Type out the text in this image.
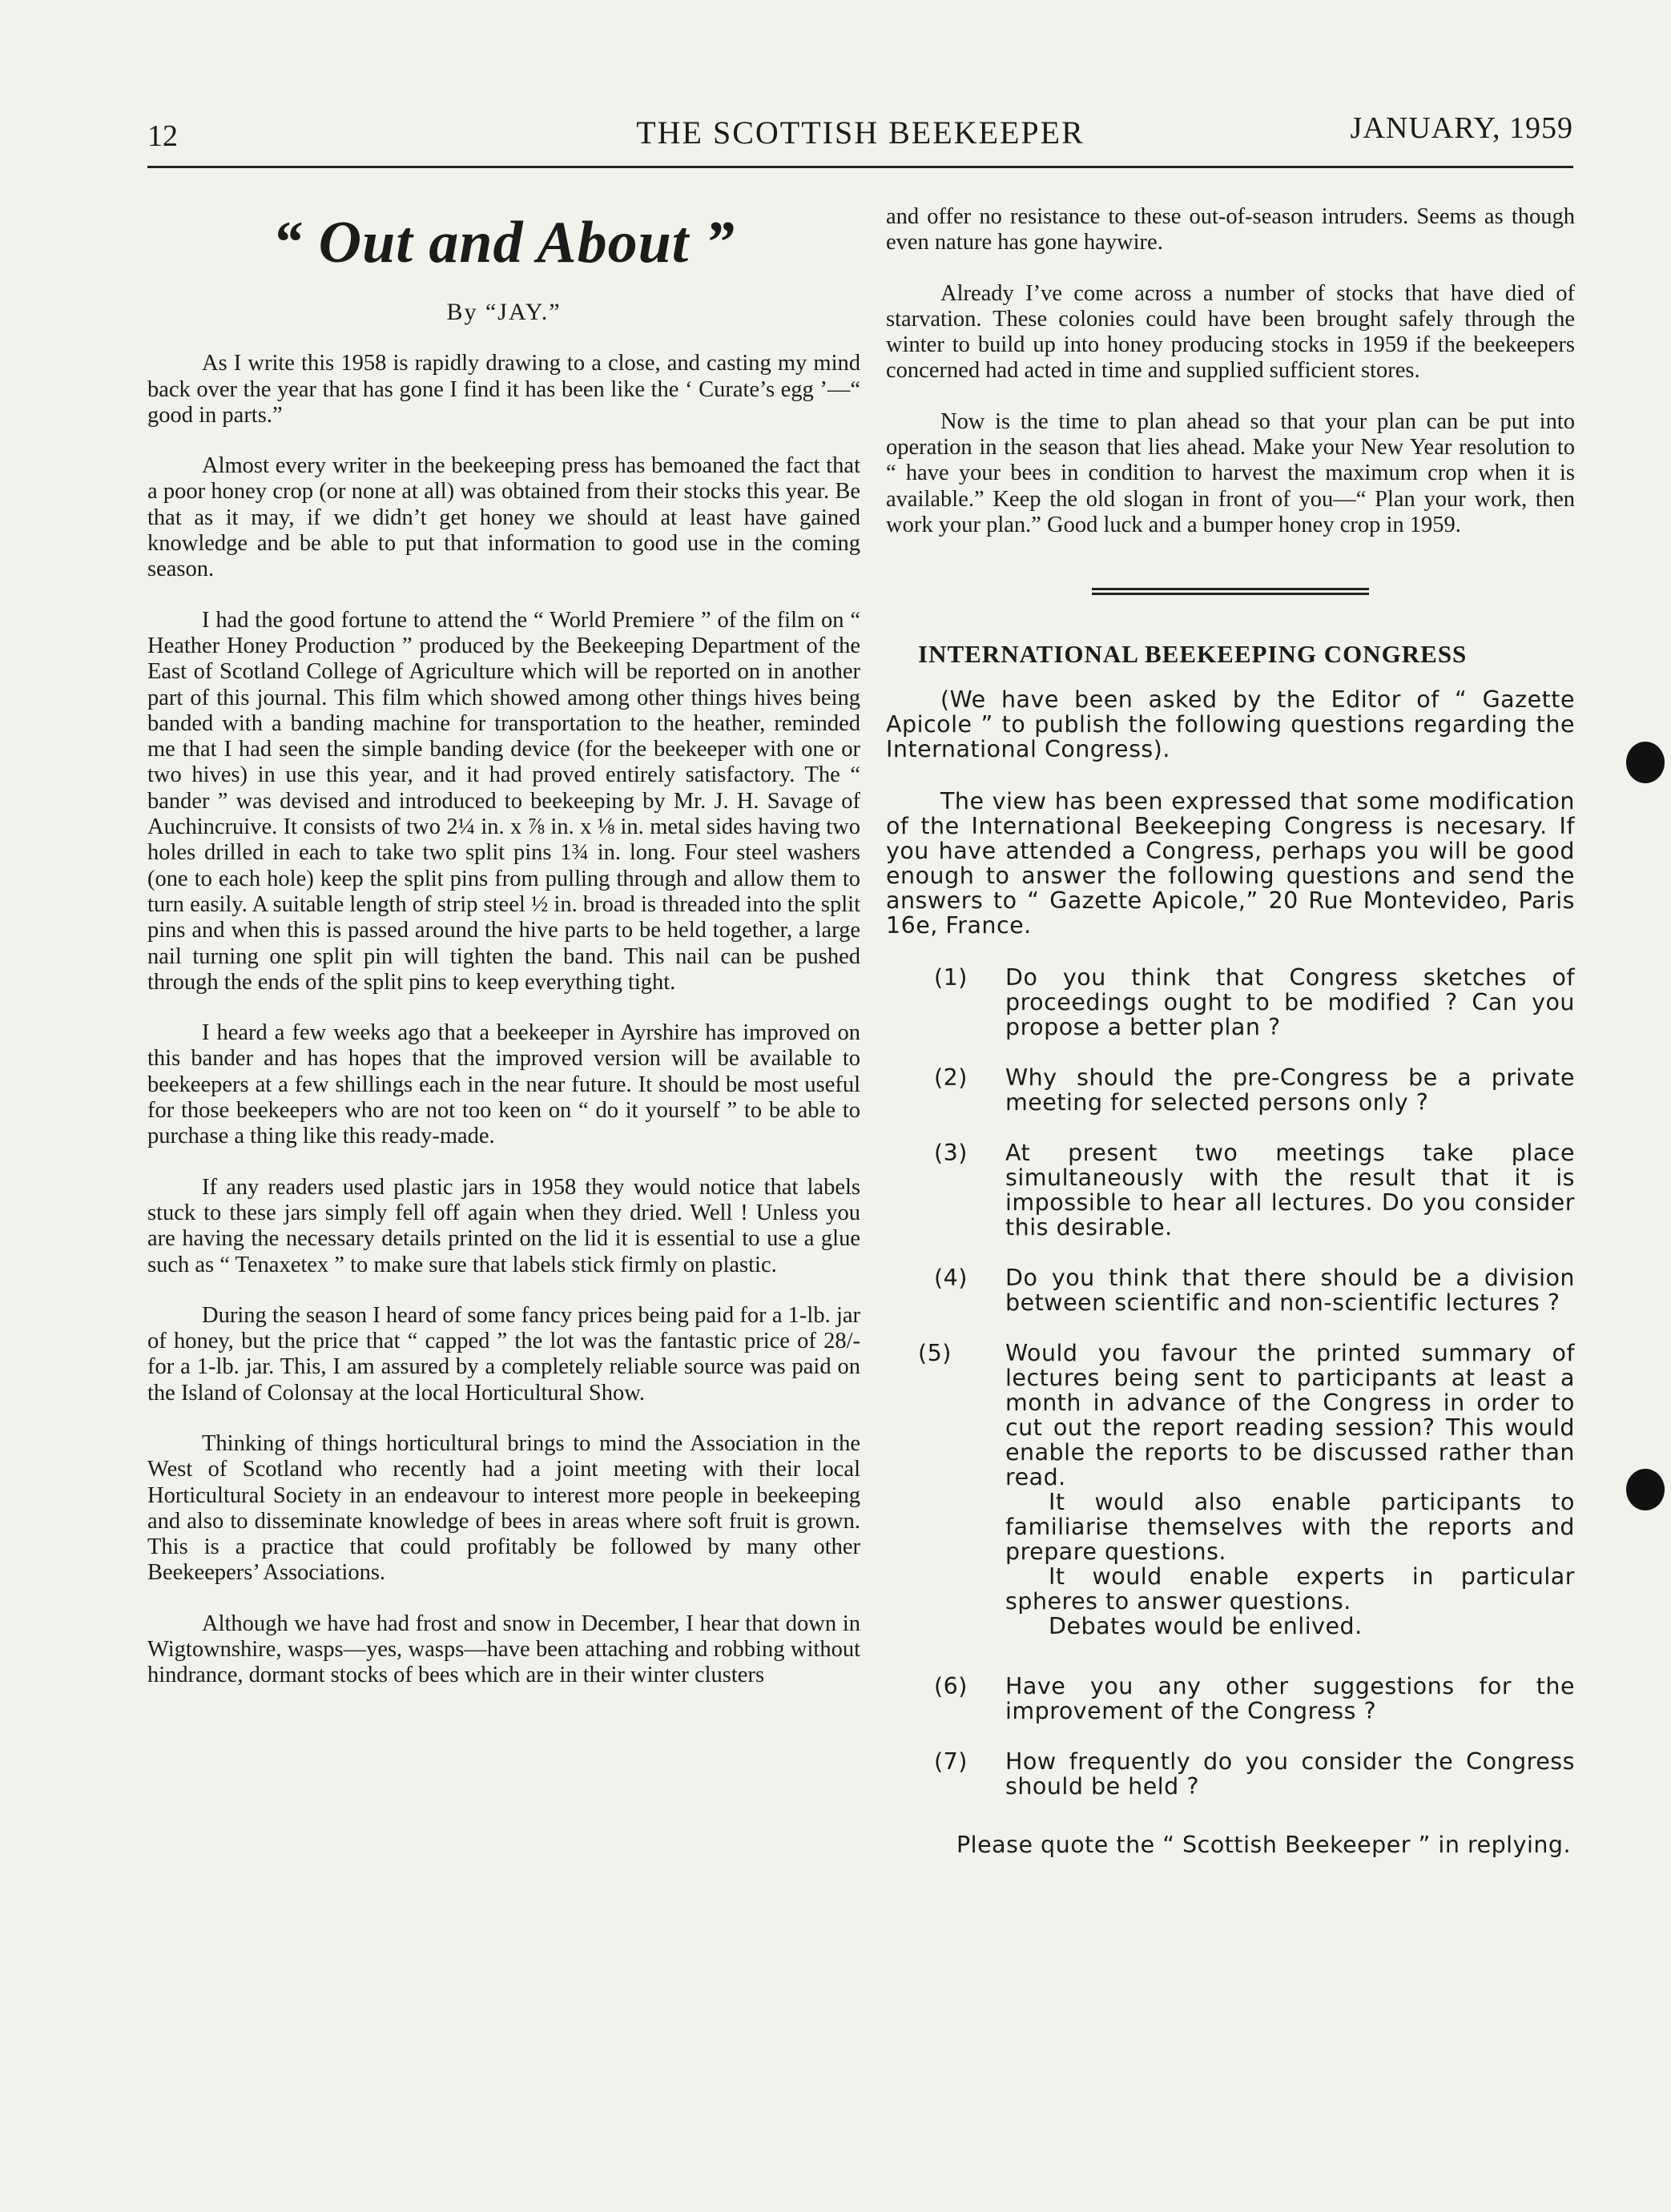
12	THE SCOTTISH BEEKEEPER	JANUARY, 1959
“ Out and About ”
By “JAY.”

As I write this 1958 is rapidly drawing to a close, and casting my mind back over the year that has gone I find it has been like the ‘ Curate’s egg ’—“ good in parts.”

Almost every writer in the beekeeping press has bemoaned the fact that a poor honey crop (or none at all) was obtained from their stocks this year. Be that as it may, if we didn’t get honey we should at least have gained knowledge and be able to put that information to good use in the coming season.

I had the good fortune to attend the “ World Premiere ” of the film on “ Heather Honey Production ” produced by the Beekeeping Department of the East of Scotland College of Agriculture which will be reported on in another part of this journal. This film which showed among other things hives being banded with a banding machine for transportation to the heather, reminded me that I had seen the simple banding device (for the beekeeper with one or two hives) in use this year, and it had proved entirely satisfactory. The “ bander ” was devised and introduced to beekeeping by Mr. J. H. Savage of Auchincruive. It consists of two 2¼ in. x ⅞ in. x ⅛ in. metal sides having two holes drilled in each to take two split pins 1¾ in. long. Four steel washers (one to each hole) keep the split pins from pulling through and allow them to turn easily. A suitable length of strip steel ½ in. broad is threaded into the split pins and when this is passed around the hive parts to be held together, a large nail turning one split pin will tighten the band. This nail can be pushed through the ends of the split pins to keep everything tight.

I heard a few weeks ago that a beekeeper in Ayrshire has improved on this bander and has hopes that the improved version will be available to beekeepers at a few shillings each in the near future. It should be most useful for those beekeepers who are not too keen on “ do it yourself ” to be able to purchase a thing like this ready-made.

If any readers used plastic jars in 1958 they would notice that labels stuck to these jars simply fell off again when they dried. Well ! Unless you are having the necessary details printed on the lid it is essential to use a glue such as “ Tenaxetex ” to make sure that labels stick firmly on plastic.

During the season I heard of some fancy prices being paid for a 1-lb. jar of honey, but the price that “ capped ” the lot was the fantastic price of 28/- for a 1-lb. jar. This, I am assured by a completely reliable source was paid on the Island of Colonsay at the local Horticultural Show.

Thinking of things horticultural brings to mind the Association in the West of Scotland who recently had a joint meeting with their local Horticultural Society in an endeavour to interest more people in beekeeping and also to disseminate knowledge of bees in areas where soft fruit is grown. This is a practice that could profitably be followed by many other Beekeepers’ Associations.

Although we have had frost and snow in December, I hear that down in Wigtownshire, wasps—yes, wasps—have been attaching and robbing without hindrance, dormant stocks of bees which are in their winter clusters

and offer no resistance to these out-of-season intruders. Seems as though even nature has gone haywire.

Already I’ve come across a number of stocks that have died of starvation. These colonies could have been brought safely through the winter to build up into honey producing stocks in 1959 if the beekeepers concerned had acted in time and supplied sufficient stores.

Now is the time to plan ahead so that your plan can be put into operation in the season that lies ahead. Make your New Year resolution to “ have your bees in condition to harvest the maximum crop when it is available.” Keep the old slogan in front of you—“ Plan your work, then work your plan.” Good luck and a bumper honey crop in 1959.

INTERNATIONAL BEEKEEPING CONGRESS

(We have been asked by the Editor of “ Gazette Apicole ” to publish the following questions regarding the International Congress).

The view has been expressed that some modification of the International Beekeeping Congress is necesary. If you have attended a Congress, perhaps you will be good enough to answer the following questions and send the answers to “ Gazette Apicole,” 20 Rue Montevideo, Paris 16e, France.

(1) Do you think that Congress sketches of proceedings ought to be modified ? Can you propose a better plan ?
(2) Why should the pre-Congress be a private meeting for selected persons only ?
(3) At present two meetings take place simultaneously with the result that it is impossible to hear all lectures. Do you consider this desirable.
(4) Do you think that there should be a division between scientific and non-scientific lectures ?
(5) Would you favour the printed summary of lectures being sent to participants at least a month in advance of the Congress in order to cut out the report reading session? This would enable the reports to be discussed rather than read.
It would also enable participants to familiarise themselves with the reports and prepare questions.
It would enable experts in particular spheres to answer questions.
Debates would be enlived.
(6) Have you any other suggestions for the improvement of the Congress ?
(7) How frequently do you consider the Congress should be held ?

Please quote the “ Scottish Beekeeper ” in replying.
